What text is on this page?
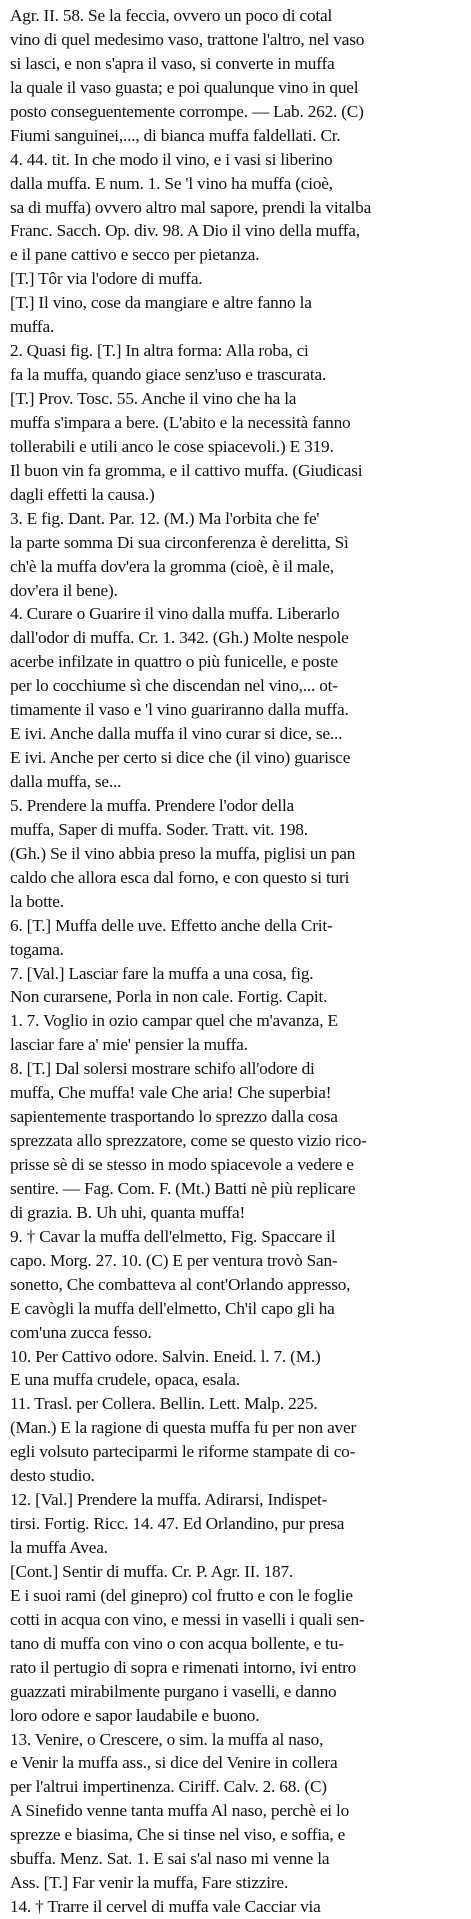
Agr. II. 58. Se la feccia, ovvero un poco di cotal
vino di quel medesimo vaso, trattone l'altro, nel vaso
si lasci, e non s'apra il vaso, si converte in muffa
la quale il vaso guasta; e poi qualunque vino in quel
posto conseguentemente corrompe. — Lab. 262. (C)
Fiumi sanguinei,..., di bianca muffa faldellati. Cr.
4. 44. tit. In che modo il vino, e i vasi si liberino
dalla muffa. E num. 1. Se 'l vino ha muffa (cioè,
sa di muffa) ovvero altro mal sapore, prendi la vitalba
Franc. Sacch. Op. div. 98. A Dio il vino della muffa,
e il pane cattivo e secco per pietanza.
[T.] Tôr via l'odore di muffa.
[T.] Il vino, cose da mangiare e altre fanno la
muffa.
2. Quasi fig. [T.] In altra forma: Alla roba, ci
fa la muffa, quando giace senz'uso e trascurata.
[T.] Prov. Tosc. 55. Anche il vino che ha la
muffa s'impara a bere. (L'abito e la necessità fanno
tollerabili e utili anco le cose spiacevoli.) E 319.
Il buon vin fa gromma, e il cattivo muffa. (Giudicasi
dagli effetti la causa.)
3. E fig. Dant. Par. 12. (M.) Ma l'orbita che fe'
la parte somma Di sua circonferenza è derelitta, Sì
ch'è la muffa dov'era la gromma (cioè, è il male,
dov'era il bene).
4. Curare o Guarire il vino dalla muffa. Liberarlo
dall'odor di muffa. Cr. 1. 342. (Gh.) Molte nespole
acerbe infilzate in quattro o più funicelle, e poste
per lo cocchiume sì che discendan nel vino,... ot-
timamente il vaso e 'l vino guariranno dalla muffa.
E ivi. Anche dalla muffa il vino curar si dice, se...
E ivi. Anche per certo si dice che (il vino) guarisce
dalla muffa, se...
5. Prendere la muffa. Prendere l'odor della
muffa, Saper di muffa. Soder. Tratt. vit. 198.
(Gh.) Se il vino abbia preso la muffa, piglisi un pan
caldo che allora esca dal forno, e con questo si turi
la botte.
6. [T.] Muffa delle uve. Effetto anche della Crit-
togama.
7. [Val.] Lasciar fare la muffa a una cosa, fig.
Non curarsene, Porla in non cale. Fortig. Capit.
1. 7. Voglio in ozio campar quel che m'avanza, E
lasciar fare a' mie' pensier la muffa.
8. [T.] Dal solersi mostrare schifo all'odore di
muffa, Che muffa! vale Che aria! Che superbia!
sapientemente trasportando lo sprezzo dalla cosa
sprezzata allo sprezzatore, come se questo vizio rico-
prisse sè di se stesso in modo spiacevole a vedere e
sentire. — Fag. Com. F. (Mt.) Batti nè più replicare
di grazia. B. Uh uhi, quanta muffa!
9. † Cavar la muffa dell'elmetto, Fig. Spaccare il
capo. Morg. 27. 10. (C) E per ventura trovò San-
sonetto, Che combatteva al cont'Orlando appresso,
E cavògli la muffa dell'elmetto, Ch'il capo gli ha
com'una zucca fesso.
10. Per Cattivo odore. Salvin. Eneid. l. 7. (M.)
E una muffa crudele, opaca, esala.
11. Trasl. per Collera. Bellin. Lett. Malp. 225.
(Man.) E la ragione di questa muffa fu per non aver
egli volsuto parteciparmi le riforme stampate di co-
desto studio.
12. [Val.] Prendere la muffa. Adirarsi, Indispet-
tirsi. Fortig. Ricc. 14. 47. Ed Orlandino, pur presa
la muffa Avea.
[Cont.] Sentir di muffa. Cr. P. Agr. II. 187.
E i suoi rami (del ginepro) col frutto e con le foglie
cotti in acqua con vino, e messi in vaselli i quali sen-
tano di muffa con vino o con acqua bollente, e tu-
rato il pertugio di sopra e rimenati intorno, ivi entro
guazzati mirabilmente purgano i vaselli, e danno
loro odore e sapor laudabile e buono.
13. Venire, o Crescere, o sim. la muffa al naso,
e Venir la muffa ass., si dice del Venire in collera
per l'altrui impertinenza. Ciriff. Calv. 2. 68. (C)
A Sinefido venne tanta muffa Al naso, perchè ei lo
sprezze e biasima, Che si tinse nel viso, e soffia, e
sbuffa. Menz. Sat. 1. E sai s'al naso mi venne la
Ass. [T.] Far venir la muffa, Fare stizzire.
14. † Trarre il cervel di muffa vale Cacciar via
